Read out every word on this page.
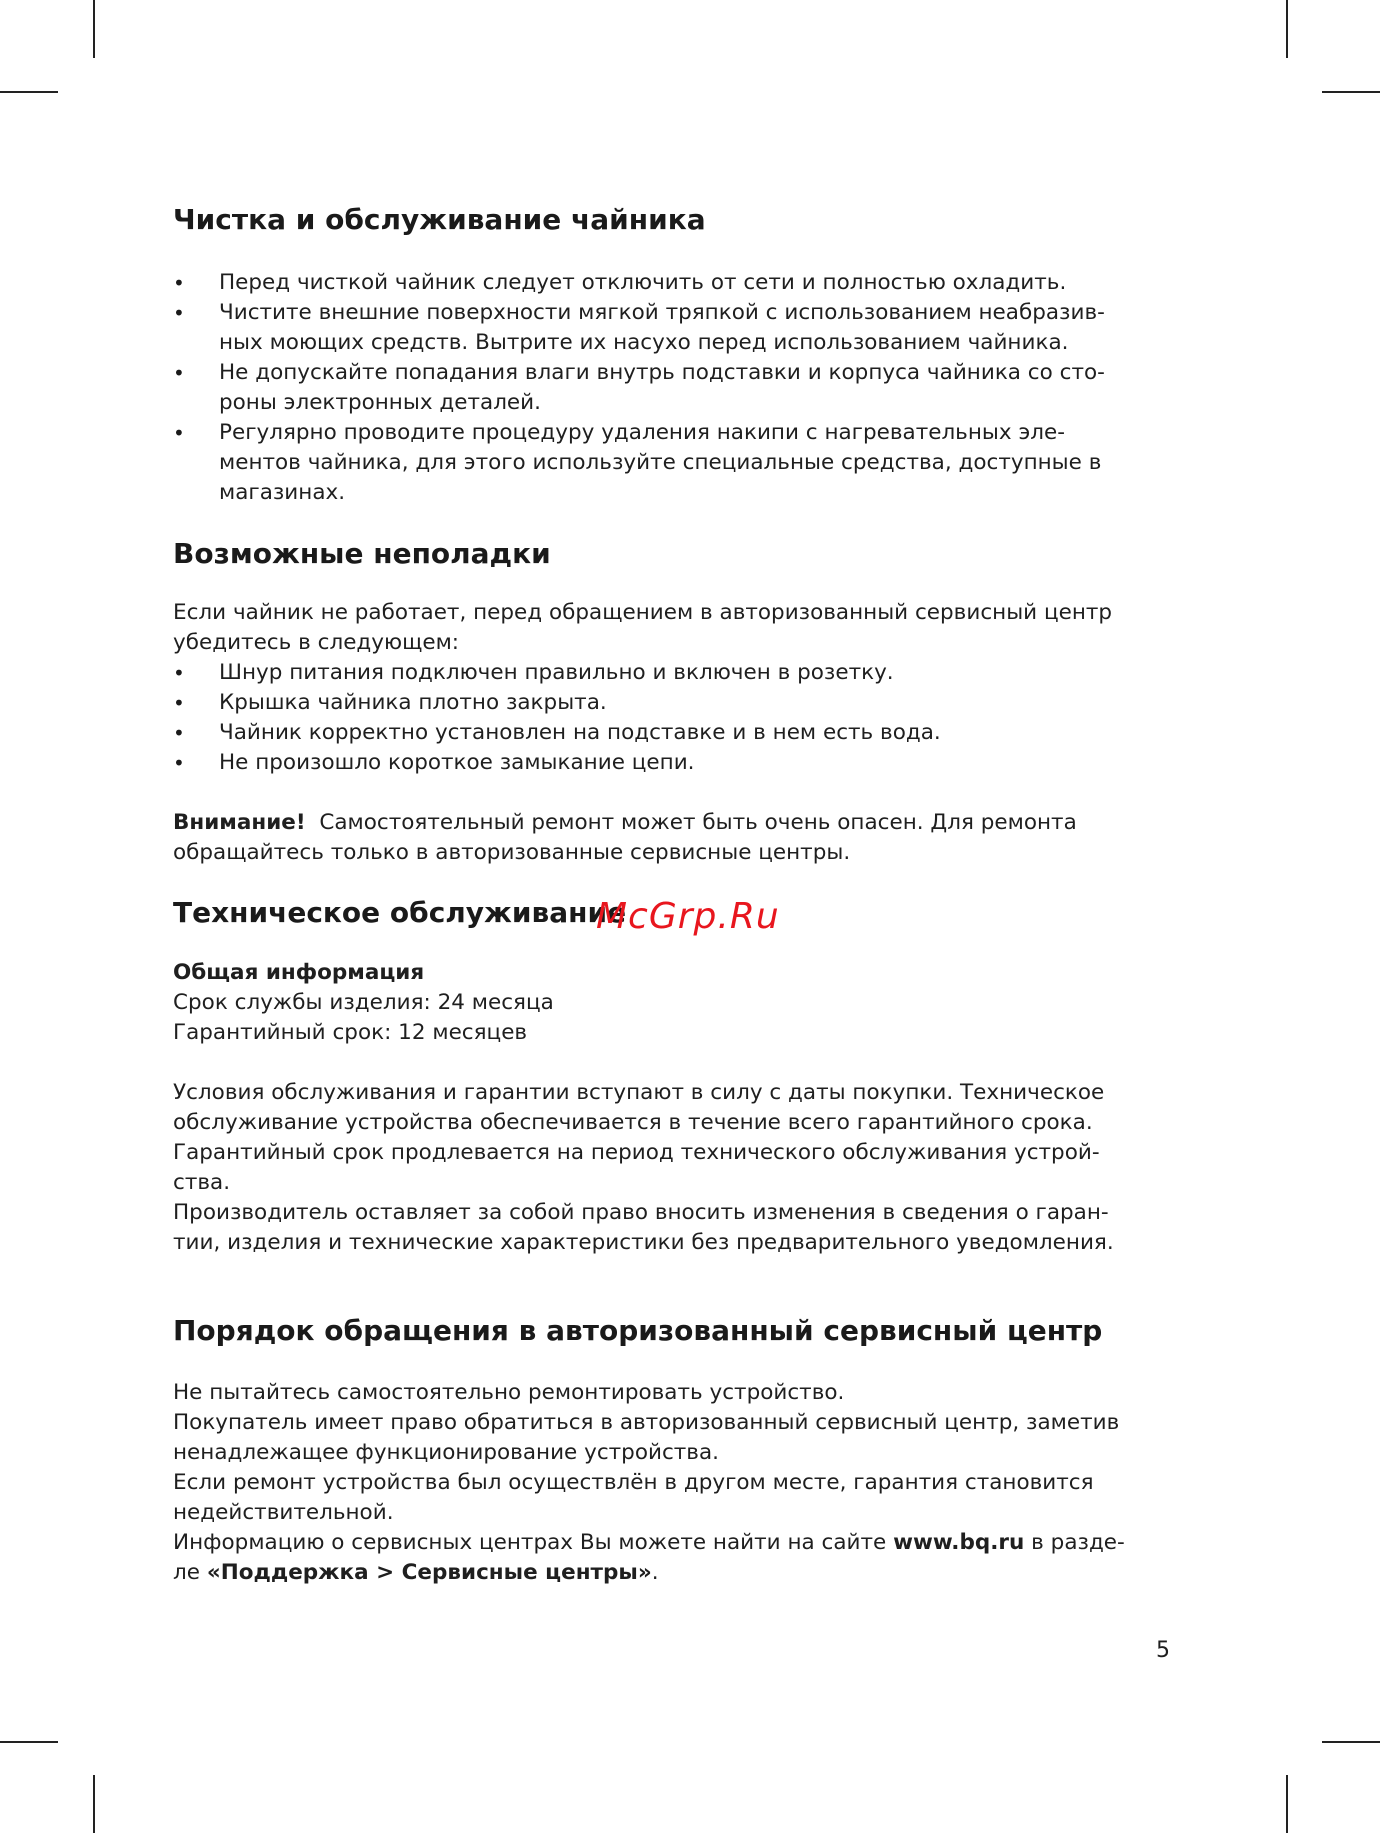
Чистка и обслуживание чайника
• Перед чисткой чайник следует отключить от сети и полностью охладить.
• Чистите внешние поверхности мягкой тряпкой с использованием неабразив-
ных моющих средств. Вытрите их насухо перед использованием чайника.
• Не допускайте попадания влаги внутрь подставки и корпуса чайника со сто-
роны электронных деталей.
• Регулярно проводите процедуру удаления накипи с нагревательных эле-
ментов чайника, для этого используйте специальные средства, доступные в
магазинах.
Возможные неполадки
Если чайник не работает, перед обращением в авторизованный сервисный центр
убедитесь в следующем:
• Шнур питания подключен правильно и включен в розетку.
• Крышка чайника плотно закрыта.
• Чайник корректно установлен на подставке и в нем есть вода.
• Не произошло короткое замыкание цепи.
Внимание! Самостоятельный ремонт может быть очень опасен. Для ремонта
обращайтесь только в авторизованные сервисные центры.
Техническое обслуживание
Общая информация
Срок службы изделия: 24 месяца
Гарантийный срок: 12 месяцев
Условия обслуживания и гарантии вступают в силу с даты покупки. Техническое
обслуживание устройства обеспечивается в течение всего гарантийного срока.
Гарантийный срок продлевается на период технического обслуживания устрой-
ства.
Производитель оставляет за собой право вносить изменения в сведения о гаран-
тии, изделия и технические характеристики без предварительного уведомления.
Порядок обращения в авторизованный сервисный центр
Не пытайтесь самостоятельно ремонтировать устройство.
Покупатель имеет право обратиться в авторизованный сервисный центр, заметив
ненадлежащее функционирование устройства.
Если ремонт устройства был осуществлён в другом месте, гарантия становится
недействительной.
Информацию о сервисных центрах Вы можете найти на сайте www.bq.ru в разде-
ле «Поддержка > Сервисные центры».
McGrp.Ru
5
